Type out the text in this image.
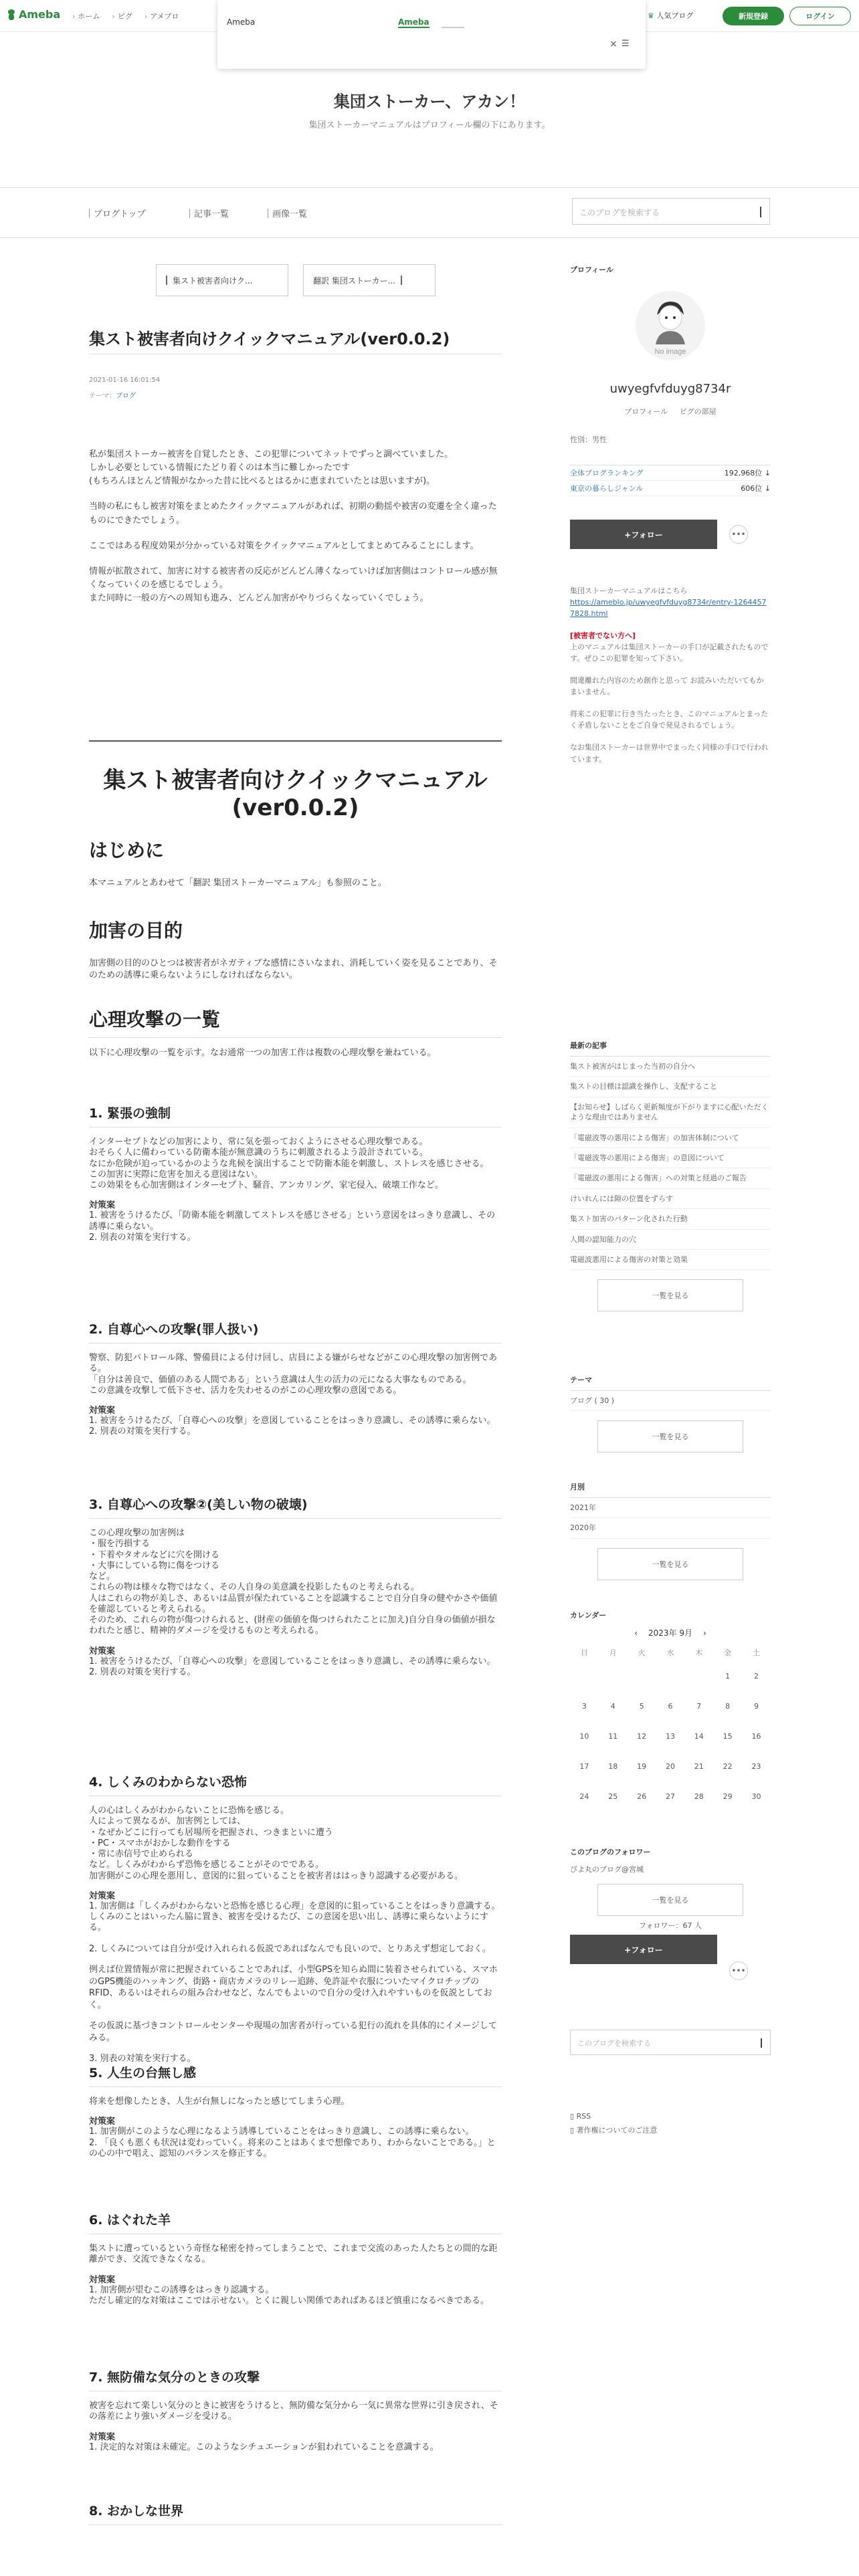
Ameba	› ホーム	› ピグ	› アメブロ	♛ 人気ブログ	新規登録	ログイン
Ameba	Ameba
× ☰
集団ストーカー、アカン！
集団ストーカーマニュアルはプロフィール欄の下にあります。
ブログトップ	記事一覧	画像一覧	このブログを検索する
集スト被害者向けク...	翻訳 集団ストーカー...
集スト被害者向けクイックマニュアル(ver0.0.2)
2021-01-16 16:01:54
テーマ：ブログ

私が集団ストーカー被害を自覚したとき、この犯罪についてネットでずっと調べていました。
しかし必要としている情報にたどり着くのは本当に難しかったです
(もちろんほとんど情報がなかった昔に比べるとはるかに恵まれていたとは思いますが)。

当時の私にもし被害対策をまとめたクイックマニュアルがあれば、初期の動揺や被害の変遷を全く違ったものにできたでしょう。

ここではある程度効果が分かっている対策をクイックマニュアルとしてまとめてみることにします。

情報が拡散されて、加害に対する被害者の反応がどんどん薄くなっていけば加害側はコントロール感が無くなっていくのを感じるでしょう。
また同時に一般の方への周知も進み、どんどん加害がやりづらくなっていくでしょう。

集スト被害者向けクイックマニュアル(ver0.0.2)
はじめに

本マニュアルとあわせて「翻訳 集団ストーカーマニュアル」も参照のこと。

加害の目的

加害側の目的のひとつは被害者がネガティブな感情にさいなまれ、消耗していく姿を見ることであり、そのための誘導に乗らないようにしなければならない。

心理攻撃の一覧

以下に心理攻撃の一覧を示す。なお通常一つの加害工作は複数の心理攻撃を兼ねている。

1. 緊張の強制
インターセプトなどの加害により、常に気を張っておくようにさせる心理攻撃である。
おそらく人に備わっている防衛本能が無意識のうちに刺激されるよう設計されている。
なにか危険が迫っているかのような兆候を演出することで防衛本能を刺激し、ストレスを感じさせる。
この加害に実際に危害を加える意図はない。
この効果をも心加害側はインターセプト、騒音、アンカリング、家宅侵入、破壊工作など。
対策案
1. 被害をうけるたび、「防衛本能を刺激してストレスを感じさせる」という意図をはっきり意識し、その誘導に乗らない。
2. 別表の対策を実行する。
2. 自尊心への攻撃(罪人扱い)
警察、防犯パトロール隊、警備員による付け回し、店員による嫌がらせなどがこの心理攻撃の加害例である。
「自分は善良で、価値のある人間である」という意識は人生の活力の元になる大事なものである。
この意識を攻撃して低下させ、活力を失わせるのがこの心理攻撃の意図である。
対策案
1. 被害をうけるたび、「自尊心への攻撃」を意図していることをはっきり意識し、その誘導に乗らない。
2. 別表の対策を実行する。
3. 自尊心への攻撃②(美しい物の破壊)
この心理攻撃の加害例は
・服を汚損する
・下着やタオルなどに穴を開ける
・大事にしている物に傷をつける
など。
これらの物は様々な物ではなく、その人自身の美意識を投影したものと考えられる。
人はこれらの物が美しさ、あるいは品質が保たれていることを認識することで自分自身の健やかさや価値を確認していると考えられる。
そのため、これらの物が傷つけられると、(財産の価値を傷つけられたことに加え)自分自身の価値が損なわれたと感じ、精神的ダメージを受けるものと考えられる。
対策案
1. 被害をうけるたび、「自尊心への攻撃」を意図していることをはっきり意識し、その誘導に乗らない。
2. 別表の対策を実行する。
4. しくみのわからない恐怖
人の心はしくみがわからないことに恐怖を感じる。
人によって異なるが、加害例としては、
・なぜかどこに行っても居場所を把握され、つきまといに遭う
・PC・スマホがおかしな動作をする
・常に赤信号で止められる
など。しくみがわからず恐怖を感じることがそのでである。
加害側がこの心理を悪用し、意図的に狙っていることを被害者ははっきり認識する必要がある。
対策案
1. 加害側は「しくみがわからないと恐怖を感じる心理」を意図的に狙っていることをはっきり意識する。
しくみのことはいったん脇に置き、被害を受けるたび、この意図を思い出し、誘導に乗らないようにする。

2. しくみについては自分が受け入れられる仮説であればなんでも良いので、とりあえず想定しておく。

例えば位置情報が常に把握されていることであれば、小型GPSを知らぬ間に装着させられている、スマホのGPS機能のハッキング、街路・商店カメラのリレー追跡、免許証や衣服についたマイクロチップのRFID、あるいはそれらの組み合わせなど、なんでもよいので自分の受け入れやすいものを仮説としておく。

その仮説に基づきコントロールセンターや現場の加害者が行っている犯行の流れを具体的にイメージしてみる。

3. 別表の対策を実行する。

5. 人生の台無し感
将来を想像したとき、人生が台無しになったと感じてしまう心理。
対策案
1. 加害側がこのような心理になるよう誘導していることをはっきり意識し、この誘導に乗らない。
2. 「良くも悪くも状況は変わっていく。将来のことはあくまで想像であり、わからないことである。」との心の中で唱え、認知のバランスを修正する。
6. はぐれた羊
集ストに遭っているという奇怪な秘密を持ってしまうことで、これまで交流のあった人たちとの間的な距離ができ、交流できなくなる。
対策案
1. 加害側が望むこの誘導をはっきり認識する。
ただし確定的な対策はここでは示せない。とくに親しい関係であればあるほど慎重になるべきである。
7. 無防備な気分のときの攻撃
被害を忘れて楽しい気分のときに被害をうけると、無防備な気分から一気に異常な世界に引き戻され、その落差により強いダメージを受ける。
対策案
1. 決定的な対策は未確定。このようなシチュエーションが狙われていることを意識する。
8. おかしな世界
プロフィール
No image
uwyegfvfduyg8734r
プロフィール ピグの部屋
性別：男性
全体ブログランキング	192,968位 ↓
東京の暮らしジャンル	606位 ↓
+フォロー	•••

集団ストーカーマニュアルはこちら
https://ameblo.jp/uwyegfvfduyg8734r/entry-12644577828.html

[被害者でない方へ]
上のマニュアルは集団ストーカーの手口が記載されたものです。ぜひこの犯罪を知って下さい。

間違離れた内容のため創作と思って お読みいただいてもかまいません。

将来この犯罪に行き当たったとき、このマニュアルとまったく矛盾しないことをご自身で発見されるでしょう。

なお集団ストーカーは世界中でまったく同様の手口で行われています。

最新の記事
集スト被害がはじまった当初の自分へ
集ストの目標は認識を操作し、支配すること
【お知らせ】しばらく更新頻度が下がりますに心配いただくような理由ではありません
「電磁波等の悪用による傷害」の加害体制について
「電磁波等の悪用による傷害」の意図について
「電磁波の悪用による傷害」への対策と経過のご報告
けいれんには隙の位置をずらす
集スト加害のパターン化された行動
人間の認知能力の穴
電磁波悪用による傷害の対策と効果
一覧を見る
テーマ
ブログ ( 30 )
一覧を見る
月別
2021年
2020年
一覧を見る
カレンダー
‹ 2023年 9月 ›
日	月	火	水	木	金	土
					1	2
3	4	5	6	7	8	9
10	11	12	13	14	15	16
17	18	19	20	21	22	23
24	25	26	27	28	29	30
このブログのフォロワー
ぴよ丸のブログ@宮城
一覧を見る
フォロワー：67 人
+フォロー
•••
このブログを検索する
▯ RSS
▯ 著作権についてのご注意
